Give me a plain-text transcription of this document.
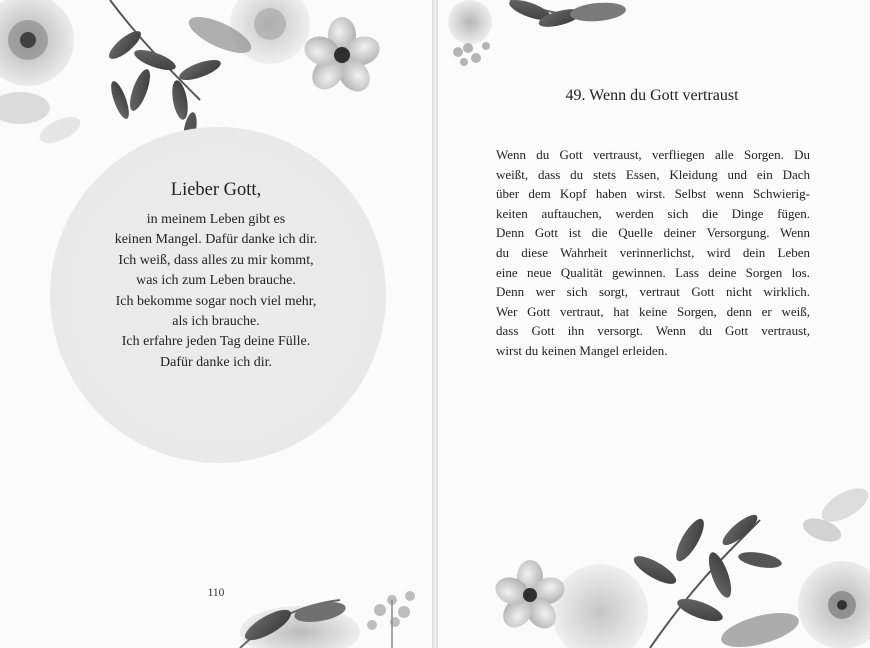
Lieber Gott,
in meinem Leben gibt es
keinen Mangel. Dafür danke ich dir.
Ich weiß, dass alles zu mir kommt,
was ich zum Leben brauche.
Ich bekomme sogar noch viel mehr,
als ich brauche.
Ich erfahre jeden Tag deine Fülle.
Dafür danke ich dir.
110
49. Wenn du Gott vertraust
Wenn du Gott vertraust, verfliegen alle Sorgen. Du
weißt, dass du stets Essen, Kleidung und ein Dach
über dem Kopf haben wirst. Selbst wenn Schwierig-
keiten auftauchen, werden sich die Dinge fügen.
Denn Gott ist die Quelle deiner Versorgung. Wenn
du diese Wahrheit verinnerlichst, wird dein Leben
eine neue Qualität gewinnen. Lass deine Sorgen los.
Denn wer sich sorgt, vertraut Gott nicht wirklich.
Wer Gott vertraut, hat keine Sorgen, denn er weiß,
dass Gott ihn versorgt. Wenn du Gott vertraust,
wirst du keinen Mangel erleiden.
